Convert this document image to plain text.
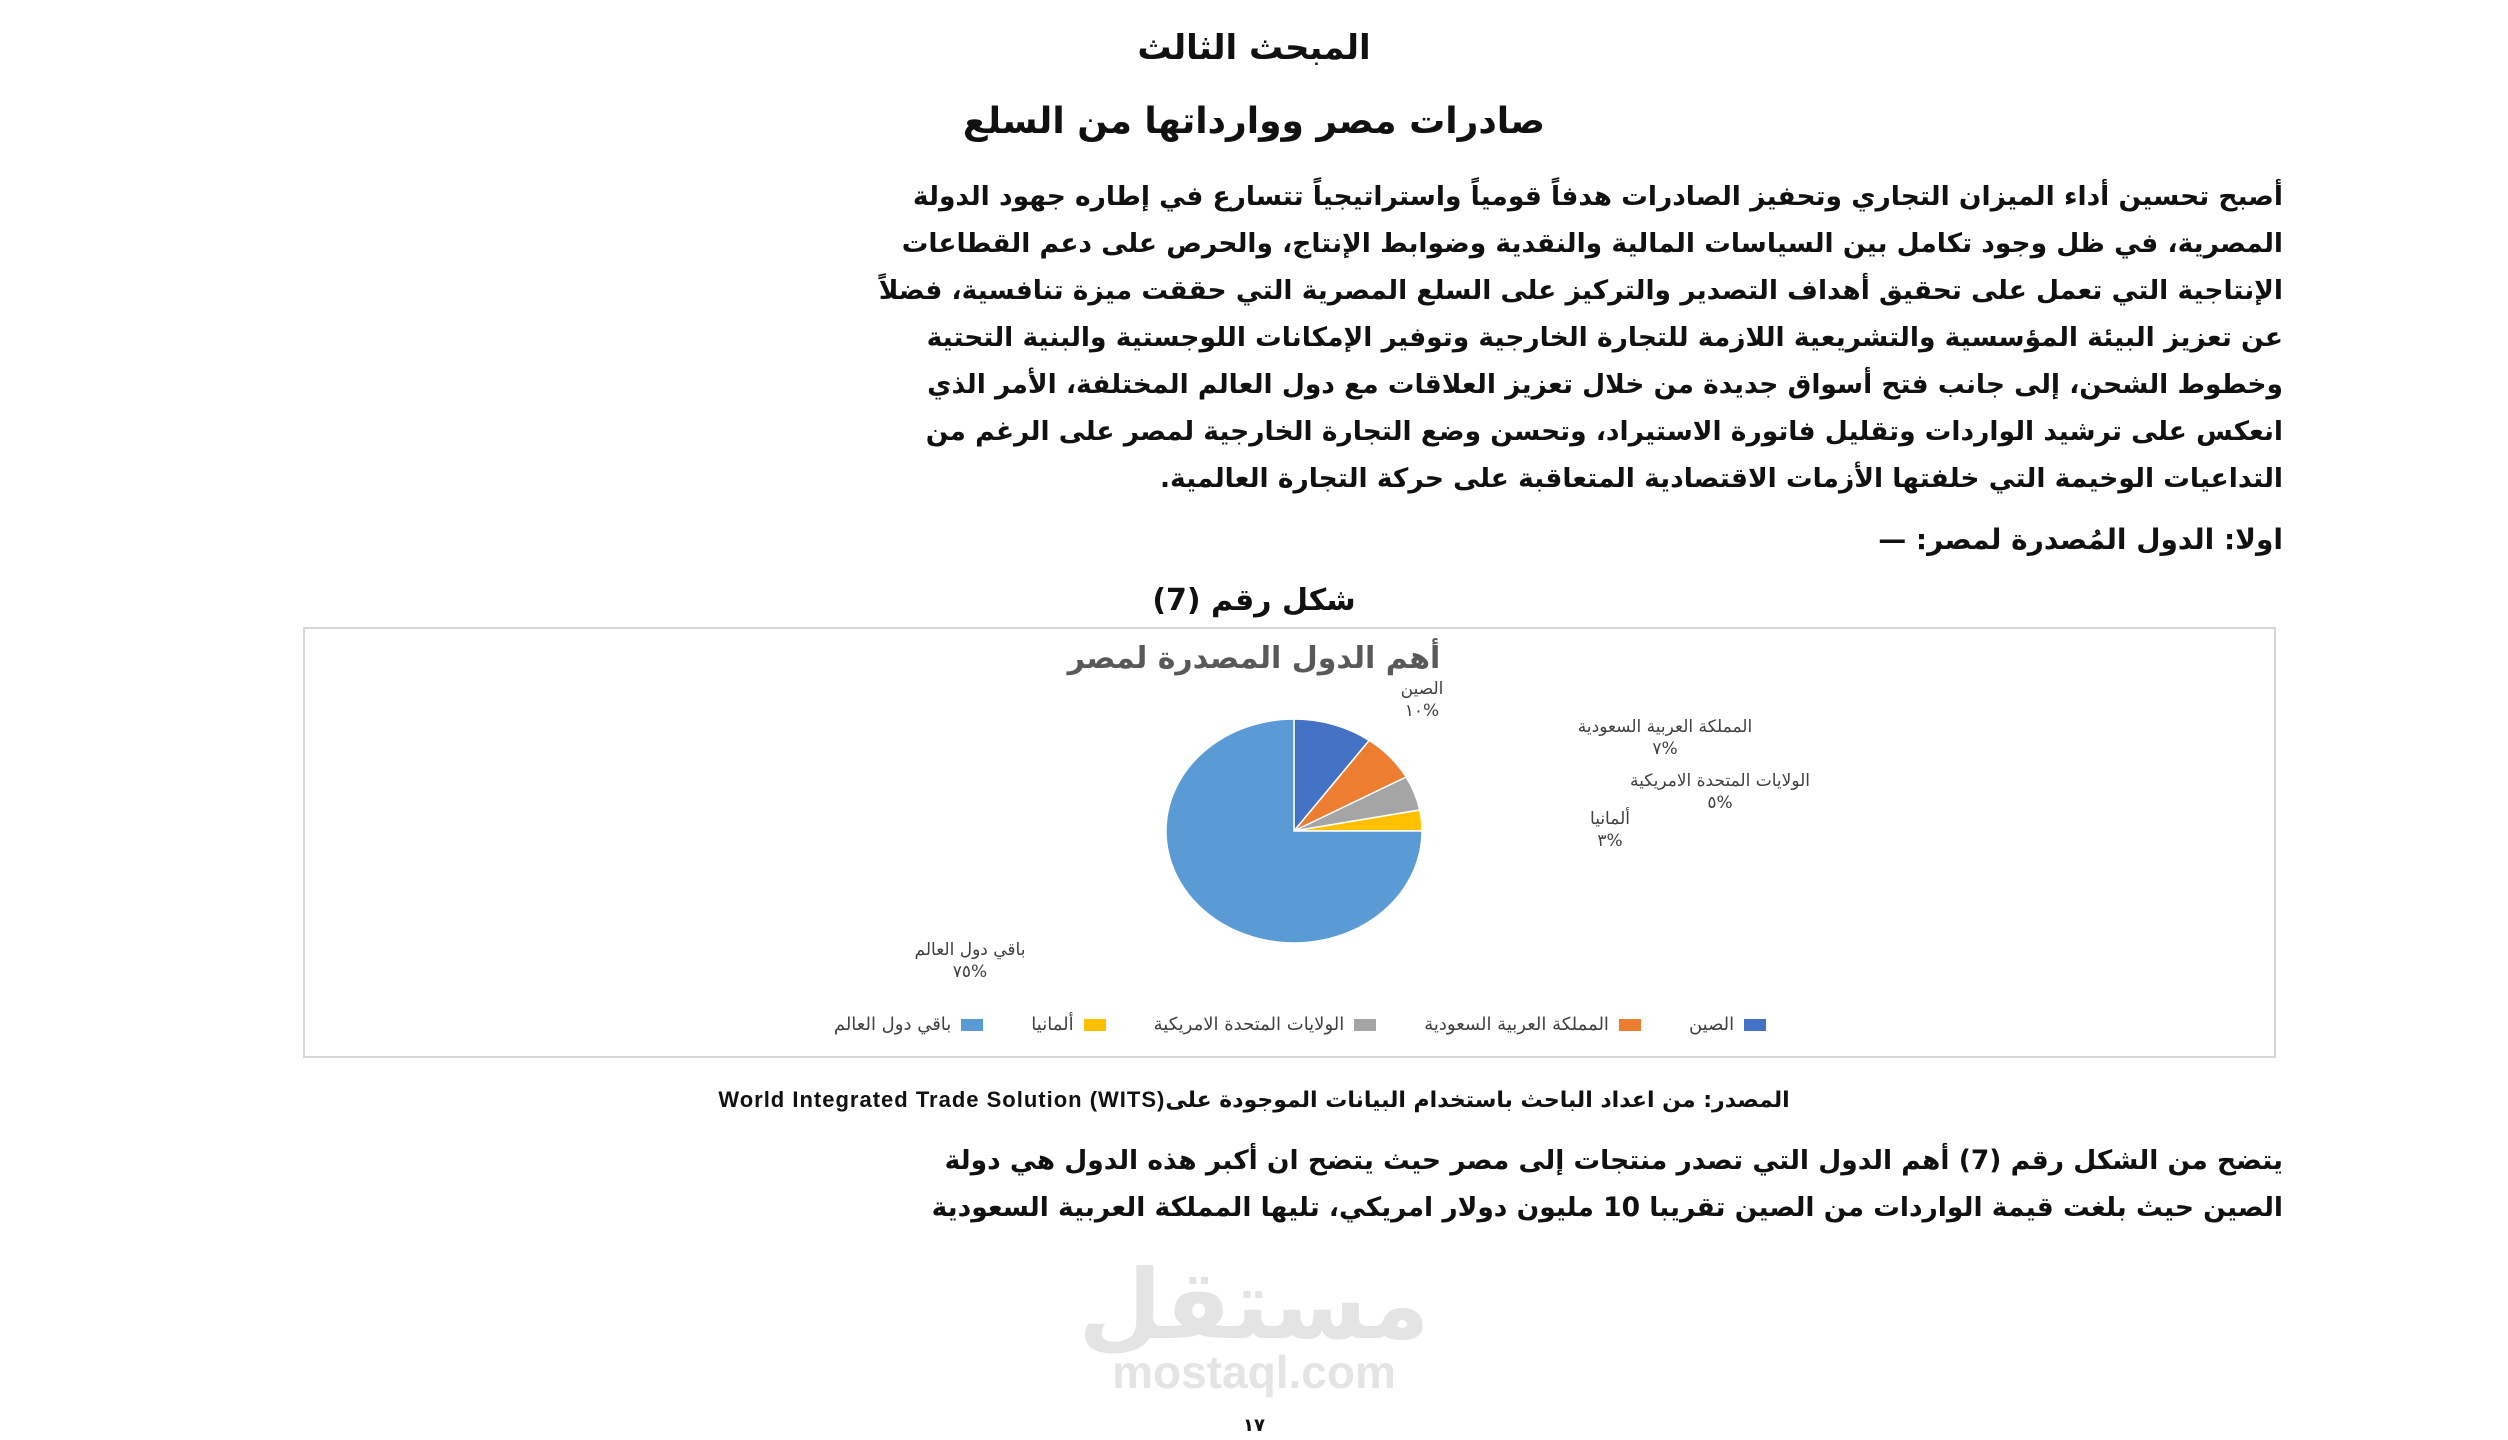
المبحث الثالث
صادرات مصر ووارداتها من السلع
أصبح تحسين أداء الميزان التجاري وتحفيز الصادرات هدفاً قومياً واستراتيجياً تتسارع في إطاره جهود الدولة
المصرية، في ظل وجود تكامل بين السياسات المالية والنقدية وضوابط الإنتاج، والحرص على دعم القطاعات
الإنتاجية التي تعمل على تحقيق أهداف التصدير والتركيز على السلع المصرية التي حققت ميزة تنافسية، فضلاً
عن تعزيز البيئة المؤسسية والتشريعية اللازمة للتجارة الخارجية وتوفير الإمكانات اللوجستية والبنية التحتية
وخطوط الشحن، إلى جانب فتح أسواق جديدة من خلال تعزيز العلاقات مع دول العالم المختلفة، الأمر الذي
انعكس على ترشيد الواردات وتقليل فاتورة الاستيراد، وتحسن وضع التجارة الخارجية لمصر على الرغم من
التداعيات الوخيمة التي خلفتها الأزمات الاقتصادية المتعاقبة على حركة التجارة العالمية.
اولا: الدول المُصدرة لمصر: —
شكل رقم (7)
أهم الدول المصدرة لمصر
الصين
%١٠
المملكة العربية السعودية
%٧
الولايات المتحدة الامريكية
%٥
ألمانيا
%٣
باقي دول العالم
%٧٥
الصين
المملكة العربية السعودية
الولايات المتحدة الامريكية
ألمانيا
باقي دول العالم
المصدر: من اعداد الباحث باستخدام البيانات الموجودة علىWorld Integrated Trade Solution (WITS)
يتضح من الشكل رقم (7) أهم الدول التي تصدر منتجات إلى مصر حيث يتضح ان أكبر هذه الدول هي دولة
الصين حيث بلغت قيمة الواردات من الصين تقريبا 10 مليون دولار امريكي، تليها المملكة العربية السعودية
مستقل
mostaql.com
١٧
